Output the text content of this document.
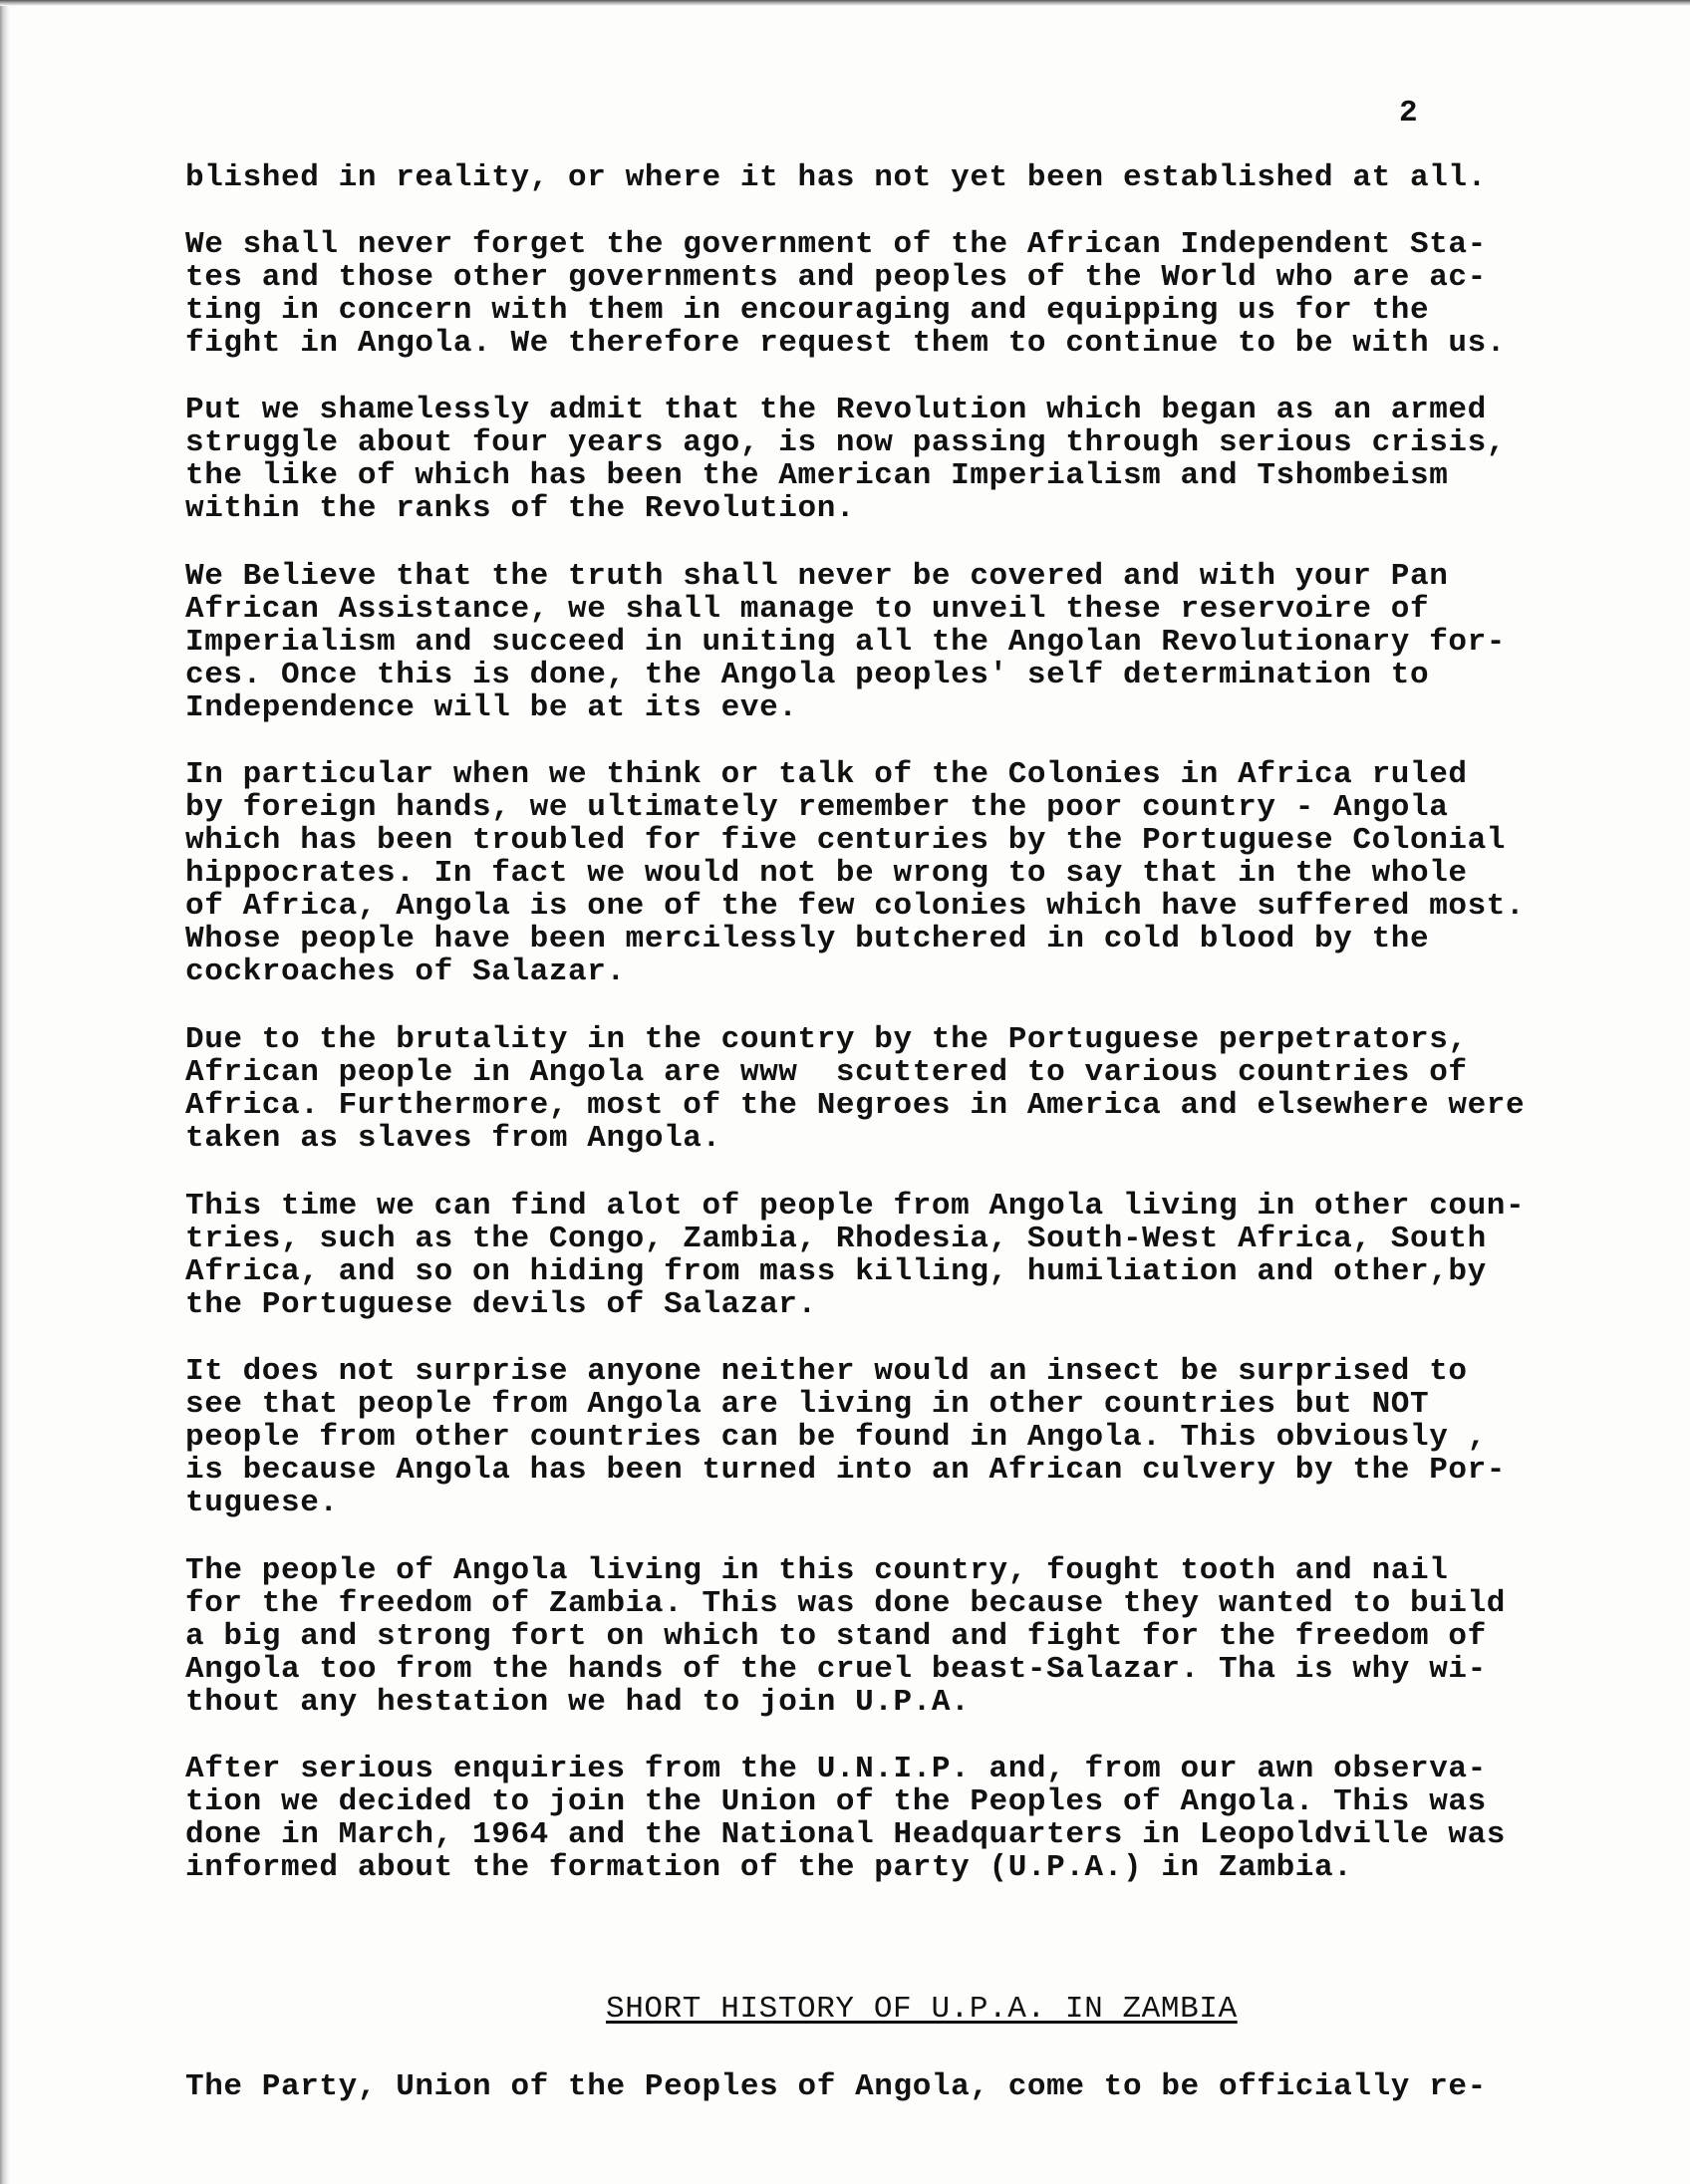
2

blished in reality, or where it has not yet been established at all.

We shall never forget the government of the African Independent Sta-
tes and those other governments and peoples of the World who are ac-
ting in concern with them in encouraging and equipping us for the
fight in Angola. We therefore request them to continue to be with us.

Put we shamelessly admit that the Revolution which began as an armed
struggle about four years ago, is now passing through serious crisis,
the like of which has been the American Imperialism and Tshombeism
within the ranks of the Revolution.

We Believe that the truth shall never be covered and with your Pan
African Assistance, we shall manage to unveil these reservoire of
Imperialism and succeed in uniting all the Angolan Revolutionary for-
ces. Once this is done, the Angola peoples' self determination to
Independence will be at its eve.

In particular when we think or talk of the Colonies in Africa ruled
by foreign hands, we ultimately remember the poor country - Angola
which has been troubled for five centuries by the Portuguese Colonial
hippocrates. In fact we would not be wrong to say that in the whole
of Africa, Angola is one of the few colonies which have suffered most.
Whose people have been mercilessly butchered in cold blood by the
cockroaches of Salazar.

Due to the brutality in the country by the Portuguese perpetrators,
African people in Angola are www  scuttered to various countries of
Africa. Furthermore, most of the Negroes in America and elsewhere were
taken as slaves from Angola.

This time we can find alot of people from Angola living in other coun-
tries, such as the Congo, Zambia, Rhodesia, South-West Africa, South
Africa, and so on hiding from mass killing, humiliation and other,by
the Portuguese devils of Salazar.

It does not surprise anyone neither would an insect be surprised to
see that people from Angola are living in other countries but NOT
people from other countries can be found in Angola. This obviously ,
is because Angola has been turned into an African culvery by the Por-
tuguese.

The people of Angola living in this country, fought tooth and nail
for the freedom of Zambia. This was done because they wanted to build
a big and strong fort on which to stand and fight for the freedom of
Angola too from the hands of the cruel beast-Salazar. Tha is why wi-
thout any hestation we had to join U.P.A.

After serious enquiries from the U.N.I.P. and, from our awn observa-
tion we decided to join the Union of the Peoples of Angola. This was
done in March, 1964 and the National Headquarters in Leopoldville was
informed about the formation of the party (U.P.A.) in Zambia.

SHORT HISTORY OF U.P.A. IN ZAMBIA

The Party, Union of the Peoples of Angola, come to be officially re-
